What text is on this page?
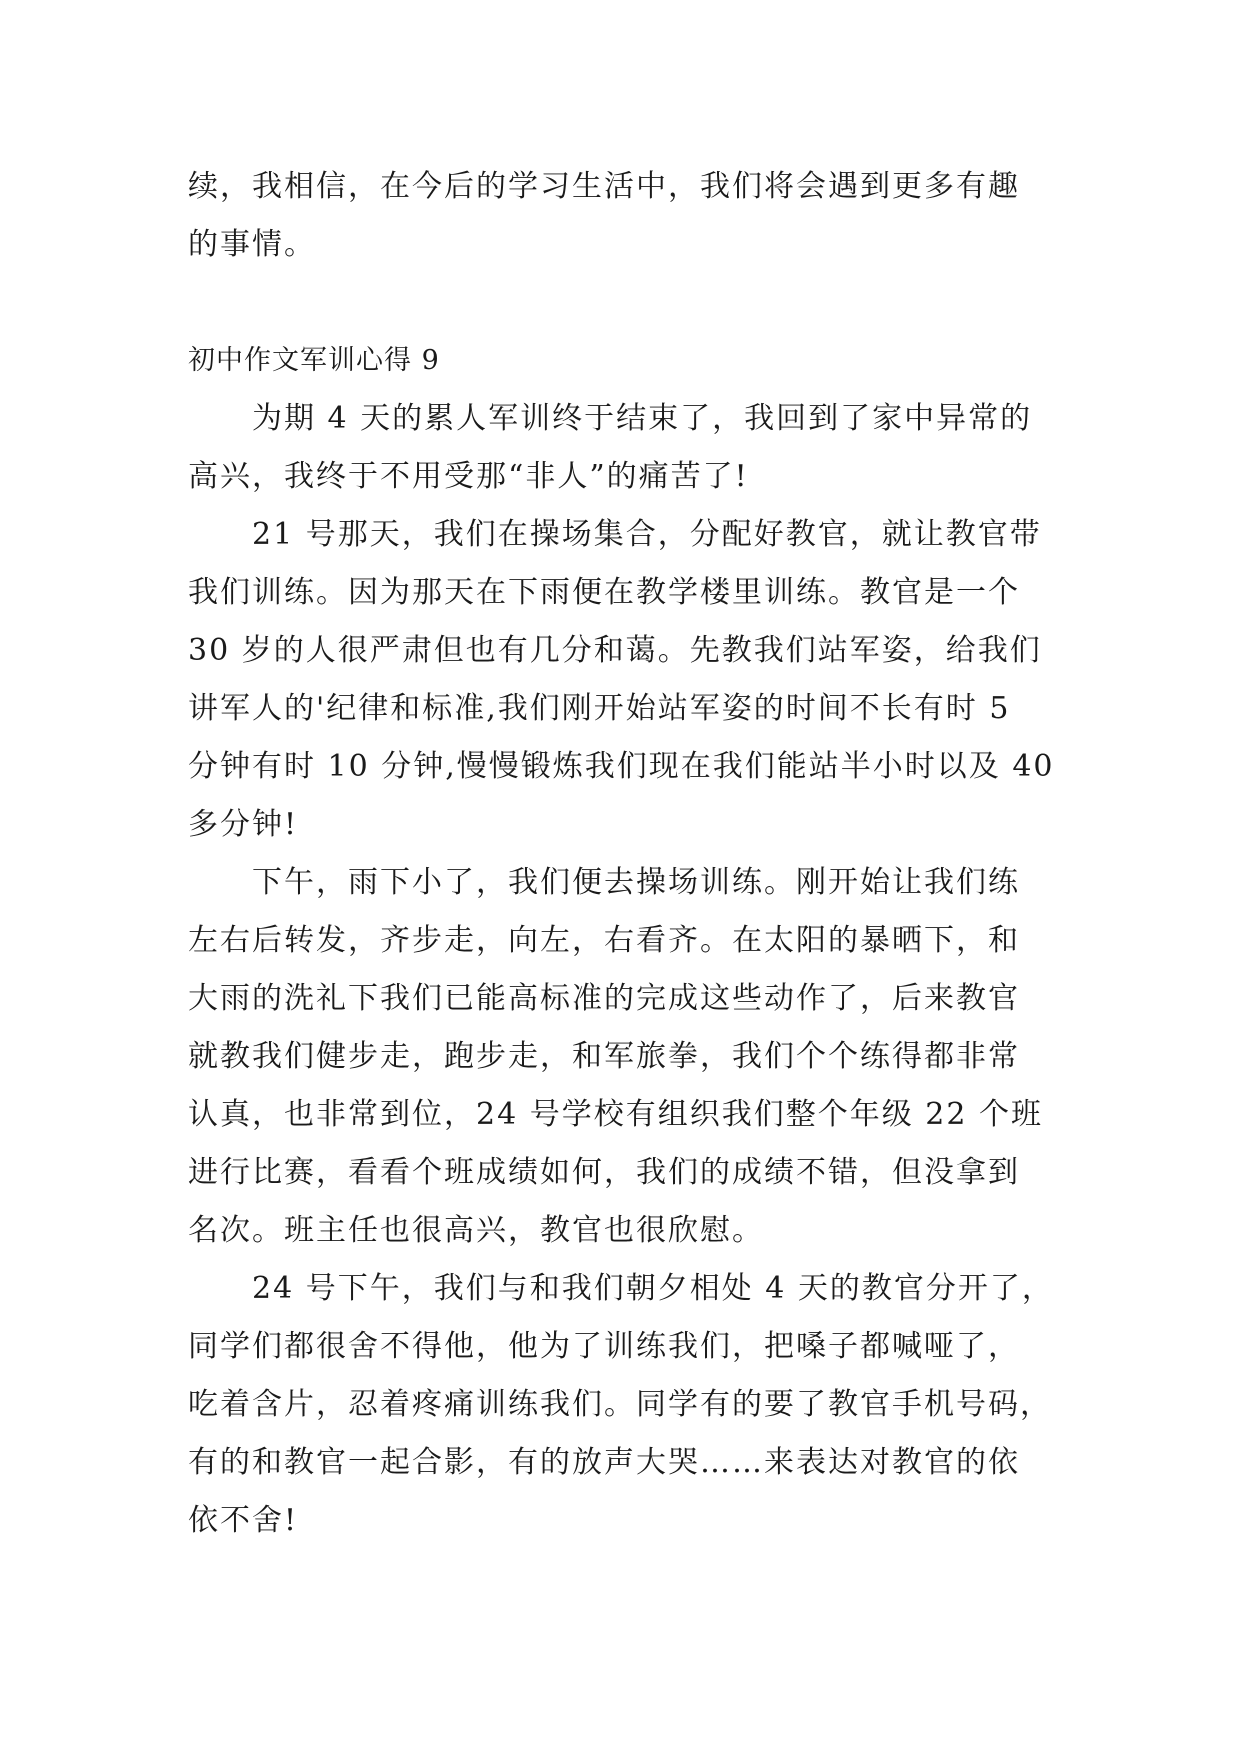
续，我相信，在今后的学习生活中，我们将会遇到更多有趣
的事情。
初中作文军训心得 9
为期 4 天的累人军训终于结束了，我回到了家中异常的
高兴，我终于不用受那“非人”的痛苦了!
21 号那天，我们在操场集合，分配好教官，就让教官带
我们训练。因为那天在下雨便在教学楼里训练。教官是一个
30 岁的人很严肃但也有几分和蔼。先教我们站军姿，给我们
讲军人的'纪律和标准,我们刚开始站军姿的时间不长有时 5
分钟有时 10 分钟,慢慢锻炼我们现在我们能站半小时以及 40
多分钟!
下午，雨下小了，我们便去操场训练。刚开始让我们练
左右后转发，齐步走，向左，右看齐。在太阳的暴晒下，和
大雨的洗礼下我们已能高标准的完成这些动作了，后来教官
就教我们健步走，跑步走，和军旅拳，我们个个练得都非常
认真，也非常到位，24 号学校有组织我们整个年级 22 个班
进行比赛，看看个班成绩如何，我们的成绩不错，但没拿到
名次。班主任也很高兴，教官也很欣慰。
24 号下午，我们与和我们朝夕相处 4 天的教官分开了，
同学们都很舍不得他，他为了训练我们，把嗓子都喊哑了，
吃着含片，忍着疼痛训练我们。同学有的要了教官手机号码，
有的和教官一起合影，有的放声大哭……来表达对教官的依
依不舍!
